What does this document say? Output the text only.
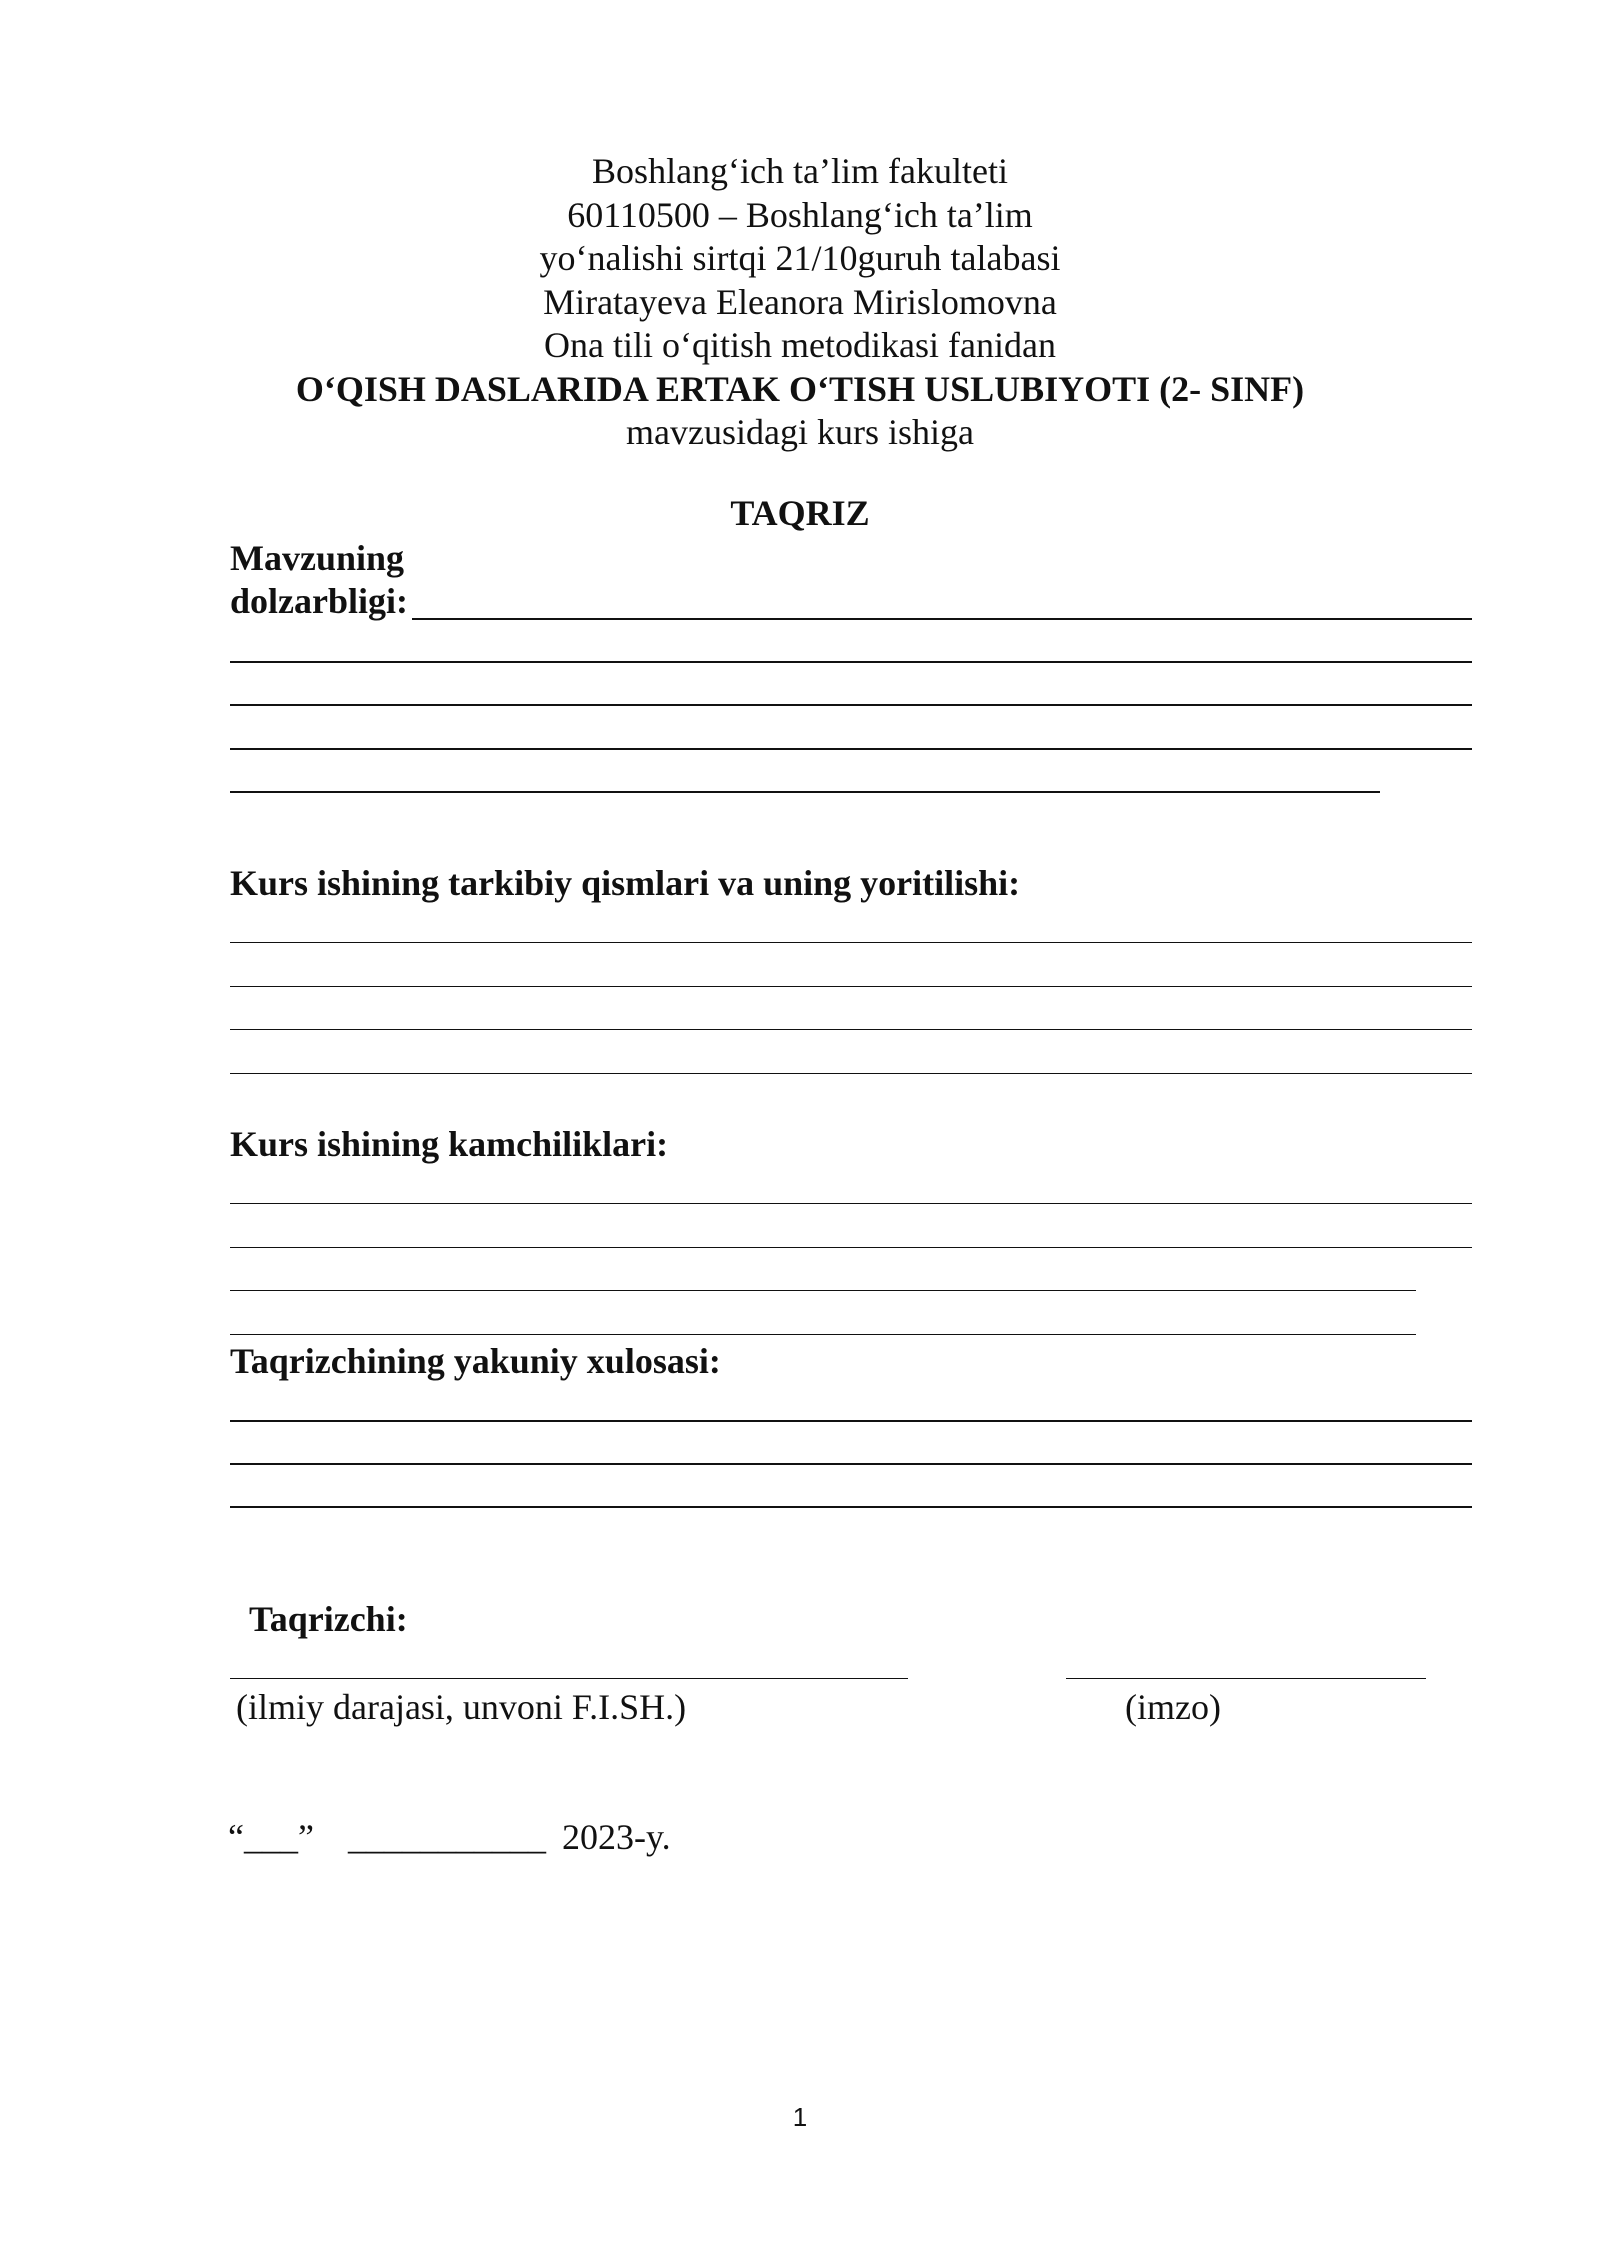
Boshlang‘ich ta’lim fakulteti
60110500 – Boshlang‘ich ta’lim
yo‘nalishi sirtqi 21/10guruh talabasi
Miratayeva Eleanora Mirislomovna
Ona tili o‘qitish metodikasi fanidan
O‘QISH DASLARIDA ERTAK O‘TISH USLUBIYOTI (2- SINF)
mavzusidagi kurs ishiga
TAQRIZ
Mavzuning
dolzarbligi:
Kurs ishining tarkibiy qismlari va uning yoritilishi:
Kurs ishining kamchiliklari:
Taqrizchining yakuniy xulosasi:
Taqrizchi:
(ilmiy darajasi, unvoni F.I.SH.)	(imzo)
“___” ___________ 2023-y.
1
